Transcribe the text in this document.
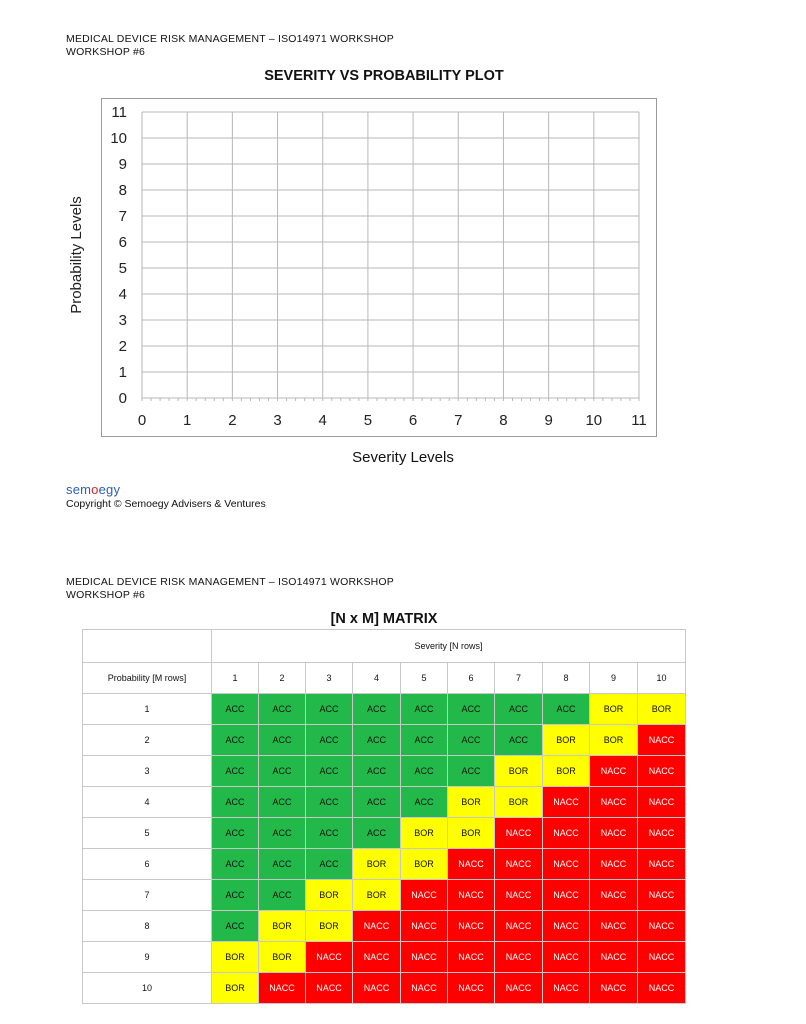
MEDICAL DEVICE RISK MANAGEMENT – ISO14971 WORKSHOP
WORKSHOP #6
SEVERITY VS PROBABILITY PLOT
0 1 2 3 4 5 6 7 8 9 10 11
0
1
2
3
4
5
6
7
8
9
10
11
Probability Levels
Severity Levels
semoegy
Copyright © Semoegy Advisers & Ventures
MEDICAL DEVICE RISK MANAGEMENT – ISO14971 WORKSHOP
WORKSHOP #6
[N x M] MATRIX
	Severity [N rows]									
Probability [M rows]	1	2	3	4	5	6	7	8	9	10
1	ACC	ACC	ACC	ACC	ACC	ACC	ACC	ACC	BOR	BOR
2	ACC	ACC	ACC	ACC	ACC	ACC	ACC	BOR	BOR	NACC
3	ACC	ACC	ACC	ACC	ACC	ACC	BOR	BOR	NACC	NACC
4	ACC	ACC	ACC	ACC	ACC	BOR	BOR	NACC	NACC	NACC
5	ACC	ACC	ACC	ACC	BOR	BOR	NACC	NACC	NACC	NACC
6	ACC	ACC	ACC	BOR	BOR	NACC	NACC	NACC	NACC	NACC
7	ACC	ACC	BOR	BOR	NACC	NACC	NACC	NACC	NACC	NACC
8	ACC	BOR	BOR	NACC	NACC	NACC	NACC	NACC	NACC	NACC
9	BOR	BOR	NACC	NACC	NACC	NACC	NACC	NACC	NACC	NACC
10	BOR	NACC	NACC	NACC	NACC	NACC	NACC	NACC	NACC	NACC
